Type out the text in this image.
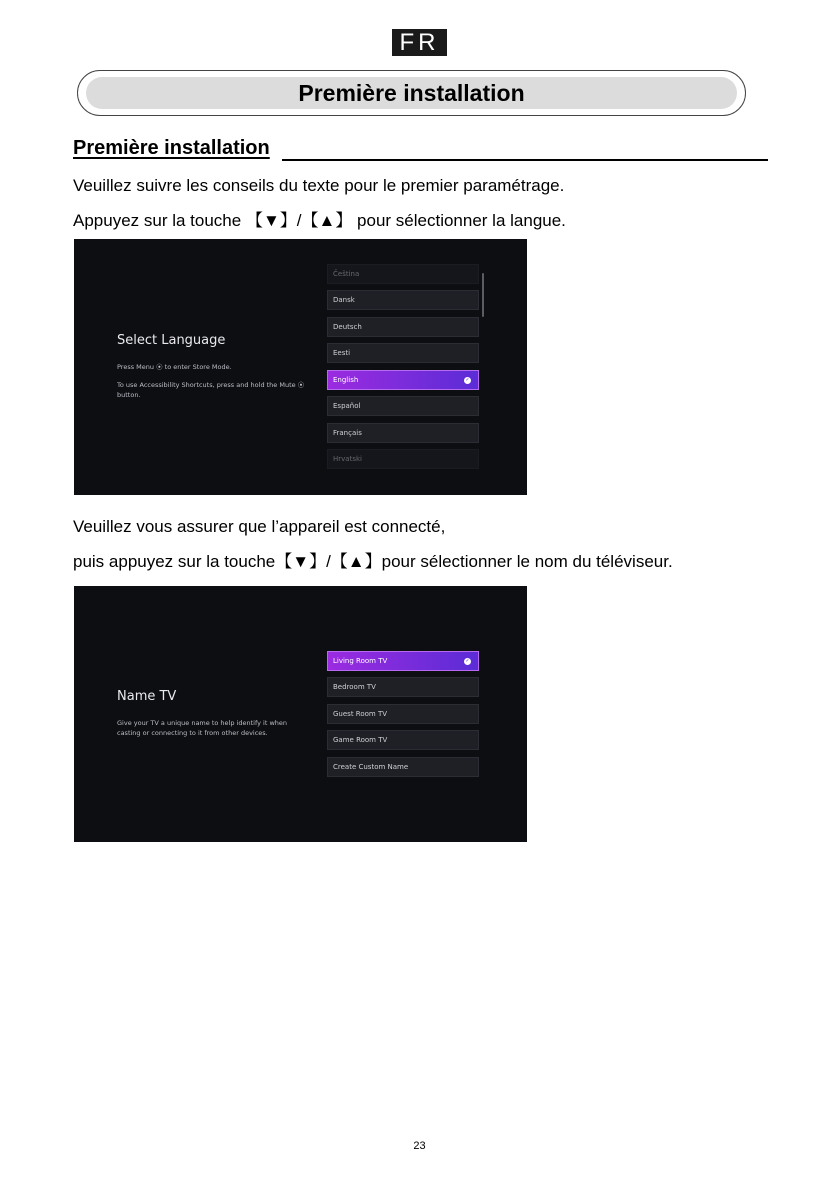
FR
Première installation
Première installation
Veuillez suivre les conseils du texte pour le premier paramétrage.
Appuyez sur la touche 【▼】/【▲】 pour sélectionner la langue.
Select Language
Press Menu ⦿ to enter Store Mode.
To use Accessibility Shortcuts, press and hold the Mute ⦿ button.
Čeština
Dansk
Deutsch
Eesti
English	✓
Español
Français
Hrvatski
Veuillez vous assurer que l’appareil est connecté,
puis appuyez sur la touche【▼】/【▲】pour sélectionner le nom du téléviseur.
Name TV
Give your TV a unique name to help identify it when casting or connecting to it from other devices.
Living Room TV	✓
Bedroom TV
Guest Room TV
Game Room TV
Create Custom Name
23
